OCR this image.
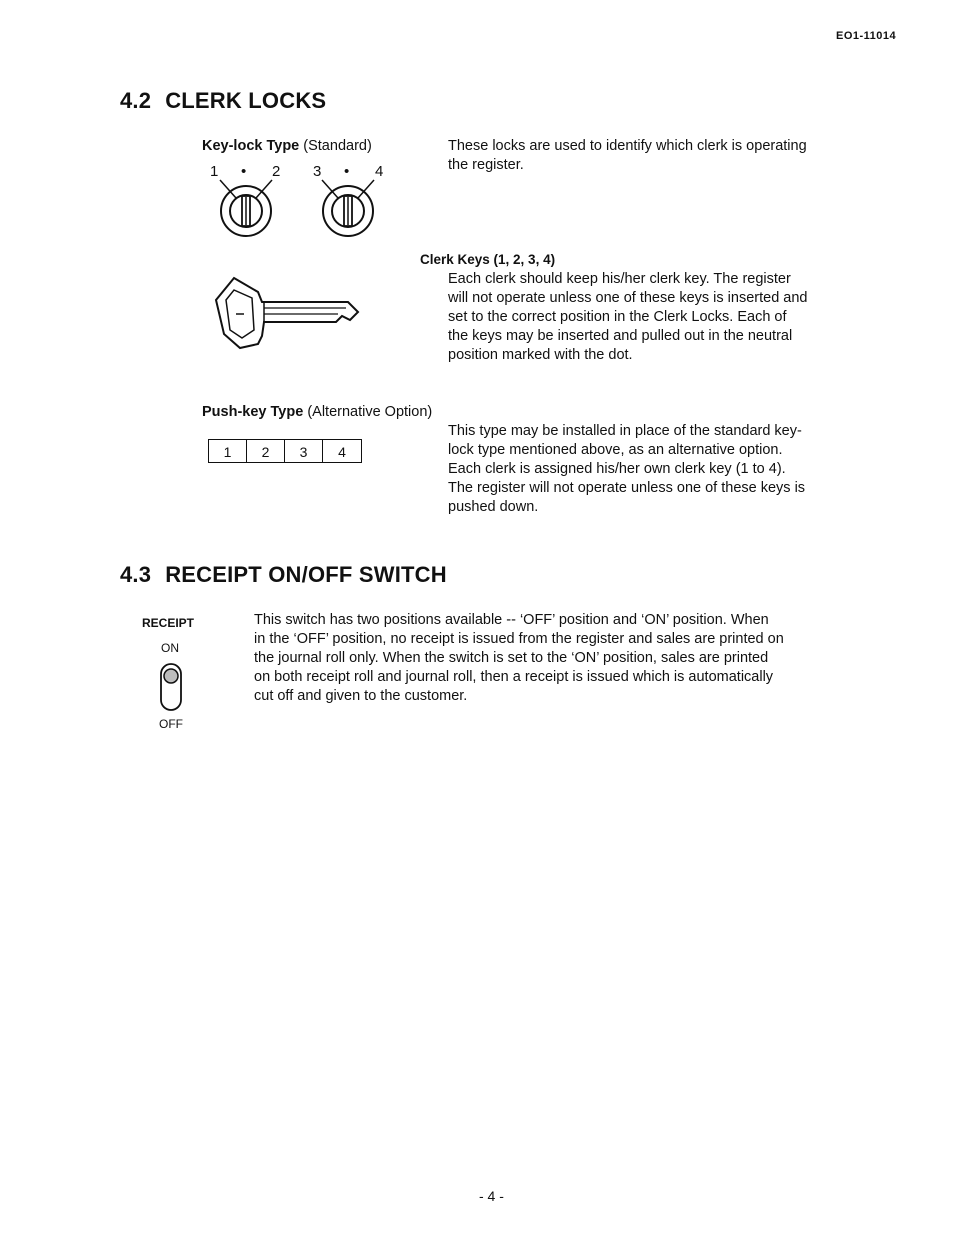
EO1-11014
4.2 CLERK LOCKS
Key-lock Type (Standard)
1 • 2 3 • 4
These locks are used to identify which clerk is operating
the register.
Clerk Keys (1, 2, 3, 4)
Each clerk should keep his/her clerk key. The register
will not operate unless one of these keys is inserted and
set to the correct position in the Clerk Locks. Each of
the keys may be inserted and pulled out in the neutral
position marked with the dot.
Push-key Type (Alternative Option)
1	2	3	4
This type may be installed in place of the standard key-
lock type mentioned above, as an alternative option.
Each clerk is assigned his/her own clerk key (1 to 4).
The register will not operate unless one of these keys is
pushed down.
4.3 RECEIPT ON/OFF SWITCH
RECEIPT
ON
OFF
This switch has two positions available -- ‘OFF’ position and ‘ON’ position. When
in the ‘OFF’ position, no receipt is issued from the register and sales are printed on
the journal roll only. When the switch is set to the ‘ON’ position, sales are printed
on both receipt roll and journal roll, then a receipt is issued which is automatically
cut off and given to the customer.
- 4 -
